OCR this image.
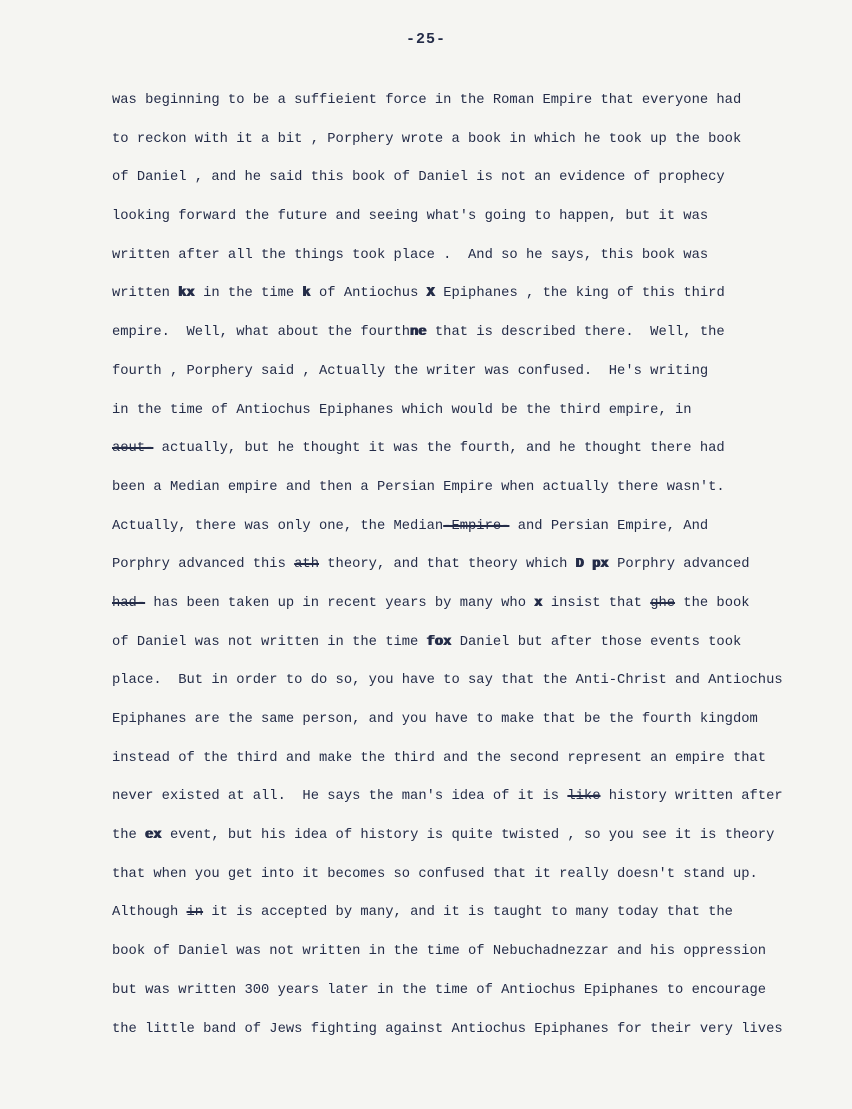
-25-
was beginning to be a suffieient force in the Roman Empire that everyone had
to reckon with it a bit , Porphery wrote a book in which he took up the book
of Daniel , and he said this book of Daniel is not an evidence of prophecy
looking forward the future and seeing what's going to happen, but it was
written after all the things took place .  And so he says, this book was
written kx in the time k of Antiochus X Epiphanes , the king of this third
empire.  Well, what about the fourthne that is described there.  Well, the
fourth , Porphery said , Actually the writer was confused.  He's writing
in the time of Antiochus Epiphanes which would be the third empire, in
aeut- actually, but he thought it was the fourth, and he thought there had
been a Median empire and then a Persian Empire when actually there wasn't.
Actually, there was only one, the Median-Empire- and Persian Empire, And
Porphry advanced this ath theory, and that theory which D px Porphry advanced
had- has been taken up in recent years by many who x insist that ghe the book
of Daniel was not written in the time fox Daniel but after those events took
place.  But in order to do so, you have to say that the Anti-Christ and Antiochus
Epiphanes are the same person, and you have to make that be the fourth kingdom
instead of the third and make the third and the second represent an empire that
never existed at all.  He says the man's idea of it is like history written after
the ex event, but his idea of history is quite twisted , so you see it is theory
that when you get into it becomes so confused that it really doesn't stand up.
Although in it is accepted by many, and it is taught to many today that the
book of Daniel was not written in the time of Nebuchadnezzar and his oppression
but was written 300 years later in the time of Antiochus Epiphanes to encourage
the little band of Jews fighting against Antiochus Epiphanes for their very lives
